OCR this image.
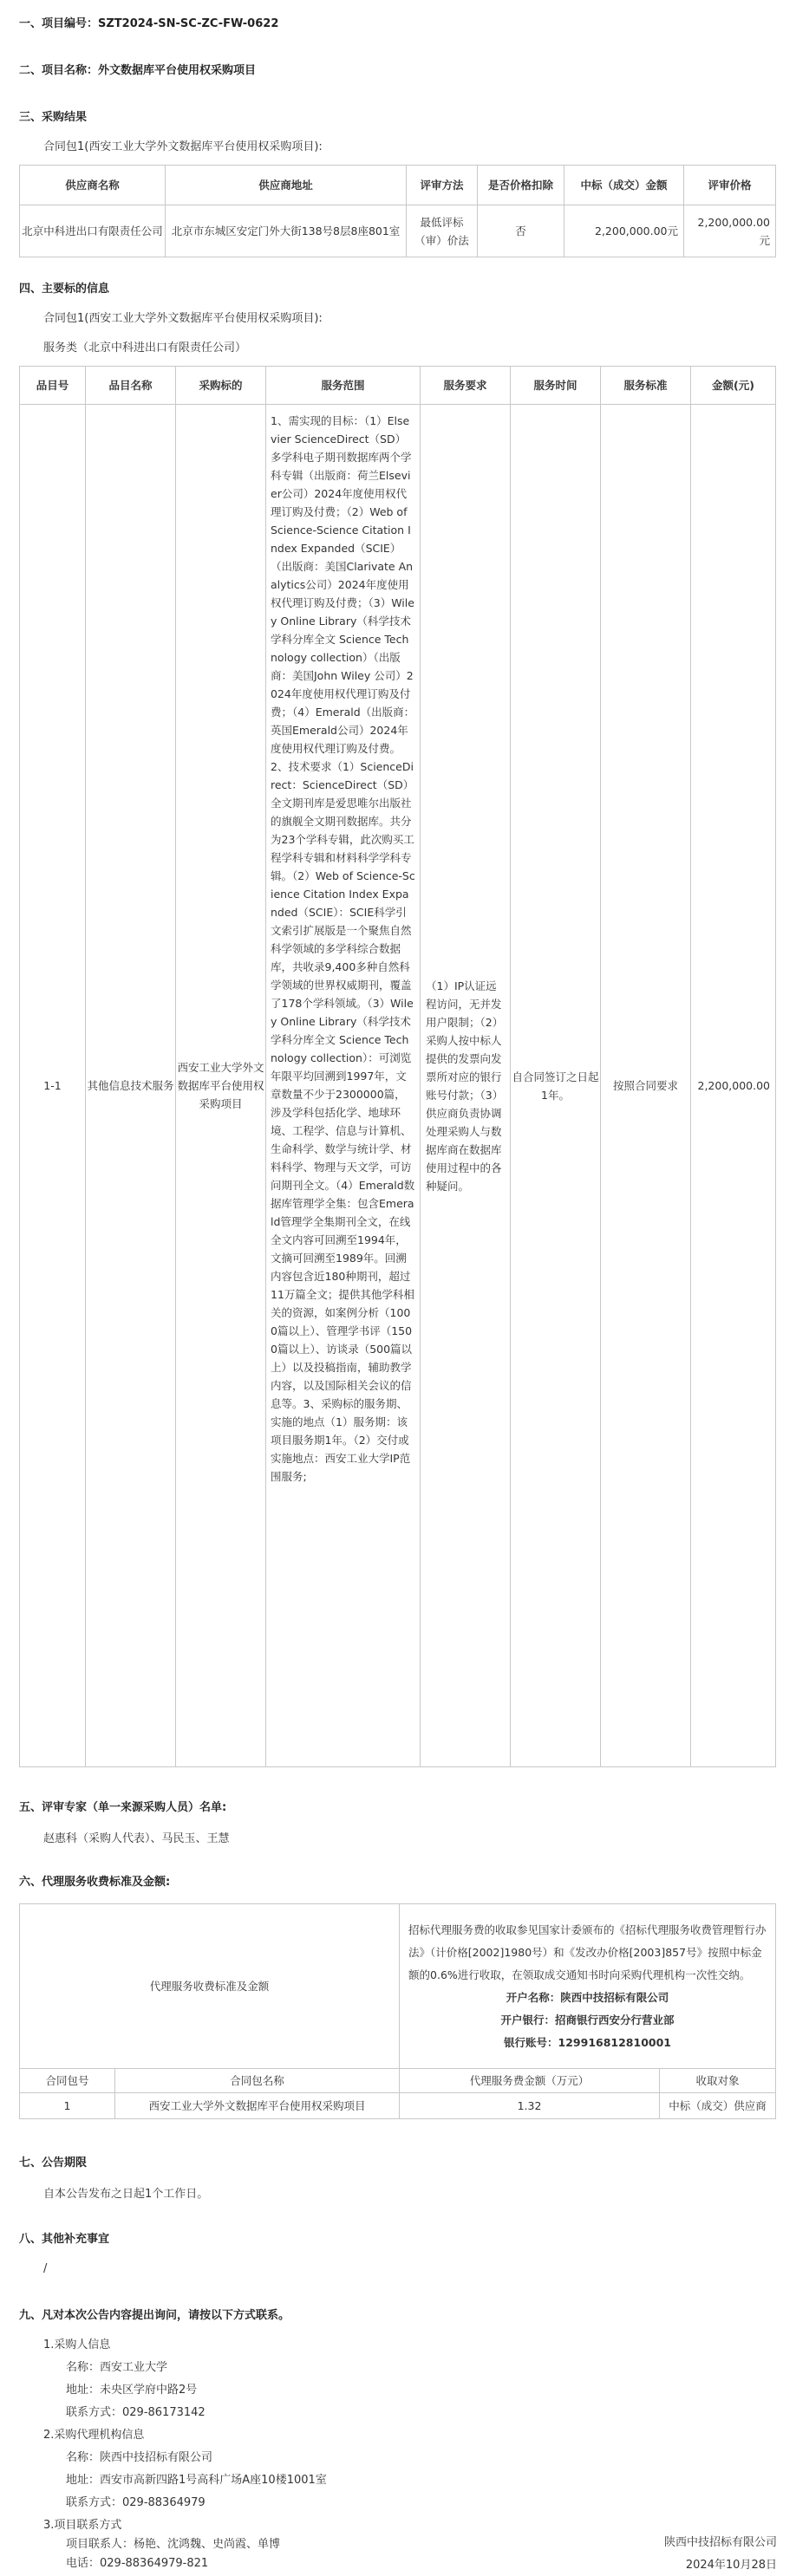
一、项目编号：SZT2024-SN-SC-ZC-FW-0622
二、项目名称：外文数据库平台使用权采购项目
三、采购结果
合同包1(西安工业大学外文数据库平台使用权采购项目):
供应商名称	供应商地址	评审方法	是否价格扣除	中标（成交）金额	评审价格
北京中科进出口有限责任公司	北京市东城区安定门外大街138号8层8座801室	最低评标（审）价法	否	2,200,000.00元	2,200,000.00元
四、主要标的信息
合同包1(西安工业大学外文数据库平台使用权采购项目):
服务类（北京中科进出口有限责任公司）
品目号	品目名称	采购标的	服务范围	服务要求	服务时间	服务标准	金额(元)
1-1	其他信息技术服务	西安工业大学外文数据库平台使用权采购项目	1、需实现的目标：（1）Elsevier ScienceDirect（SD）多学科电子期刊数据库两个学科专辑（出版商：荷兰Elsevier公司）2024年度使用权代理订购及付费；（2）Web of Science-Science Citation Index Expanded（SCIE）（出版商：美国Clarivate Analytics公司）2024年度使用权代理订购及付费；（3）Wiley Online Library（科学技术学科分库全文 Science Technology collection）（出版商：美国John Wiley 公司）2024年度使用权代理订购及付费；（4）Emerald（出版商：英国Emerald公司）2024年度使用权代理订购及付费。2、技术要求（1）ScienceDirect：ScienceDirect（SD）全文期刊库是爱思唯尔出版社的旗舰全文期刊数据库。共分为23个学科专辑，此次购买工程学科专辑和材料科学学科专辑。（2）Web of Science-Science Citation Index Expanded（SCIE）：SCIE科学引文索引扩展版是一个聚焦自然科学领域的多学科综合数据库，共收录9,400多种自然科学领域的世界权威期刊，覆盖了178个学科领域。（3）Wiley Online Library（科学技术学科分库全文 Science Technology collection）：可浏览年限平均回溯到1997年，文章数量不少于2300000篇，涉及学科包括化学、地球环境、工程学、信息与计算机、生命科学、数学与统计学、材料科学、物理与天文学，可访问期刊全文。（4）Emerald数据库管理学全集：包含Emerald管理学全集期刊全文，在线全文内容可回溯至1994年，文摘可回溯至1989年。回溯内容包含近180种期刊，超过11万篇全文；提供其他学科相关的资源，如案例分析（1000篇以上）、管理学书评（1500篇以上）、访谈录（500篇以上）以及投稿指南，辅助教学内容，以及国际相关会议的信息等。3、采购标的服务期、实施的地点（1）服务期：该项目服务期1年。（2）交付或实施地点：西安工业大学IP范围服务;	（1）IP认证远程访问，无并发用户限制；（2）采购人按中标人提供的发票向发票所对应的银行账号付款；（3）供应商负责协调处理采购人与数据库商在数据库使用过程中的各种疑问。	自合同签订之日起1年。	按照合同要求	2,200,000.00
五、评审专家（单一来源采购人员）名单:
赵惠科（采购人代表）、马民玉、王慧
六、代理服务收费标准及金额:
代理服务收费标准及金额		招标代理服务费的收取参见国家计委颁布的《招标代理服务收费管理暂行办法》（计价格[2002]1980号）和《发改办价格[2003]857号》按照中标金额的0.6%进行收取，在领取成交通知书时向采购代理机构一次性交纳。
开户名称：陕西中技招标有限公司
开户银行：招商银行西安分行营业部
银行账号：129916812810001	

合同包号	合同包名称	代理服务费金额（万元）	收取对象
1	西安工业大学外文数据库平台使用权采购项目	1.32	中标（成交）供应商
七、公告期限
自本公告发布之日起1个工作日。
八、其他补充事宜
/
九、凡对本次公告内容提出询问，请按以下方式联系。
1.采购人信息
名称：西安工业大学
地址：未央区学府中路2号
联系方式：029-86173142
2.采购代理机构信息
名称：陕西中技招标有限公司
地址：西安市高新四路1号高科广场A座10楼1001室
联系方式：029-88364979
3.项目联系方式
项目联系人：杨艳、沈鸿魏、史尚霞、单博
电话：029-88364979-821
陕西中技招标有限公司
2024年10月28日
